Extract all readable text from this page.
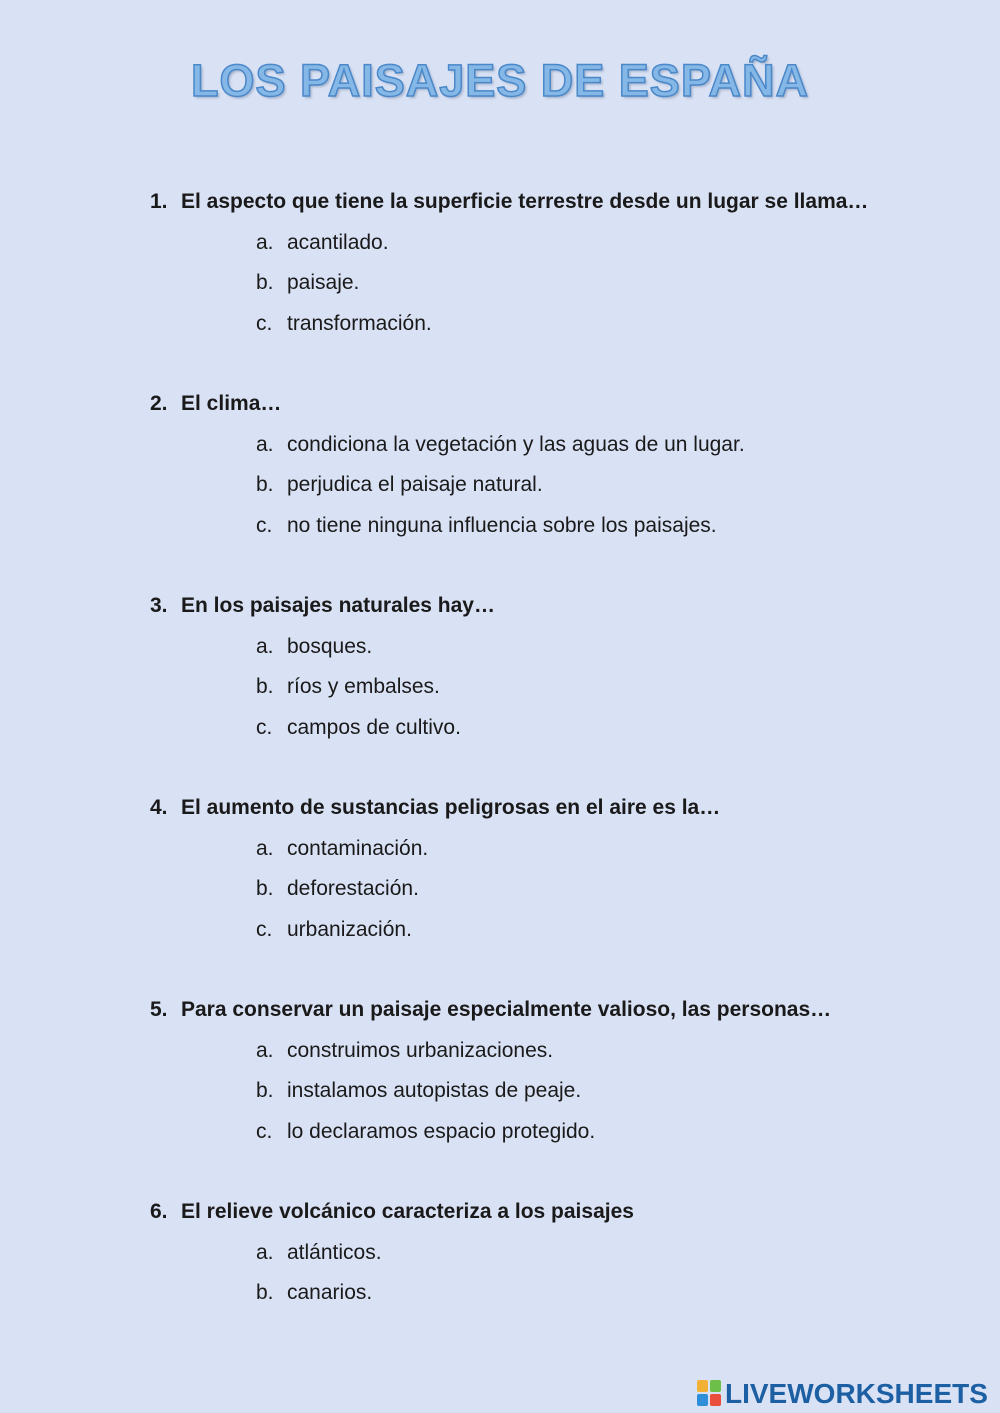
LOS PAISAJES DE ESPAÑA
1. El aspecto que tiene la superficie terrestre desde un lugar se llama…
a. acantilado.
b. paisaje.
c. transformación.
2. El clima…
a. condiciona la vegetación y las aguas de un lugar.
b. perjudica el paisaje natural.
c. no tiene ninguna influencia sobre los paisajes.
3. En los paisajes naturales hay…
a. bosques.
b. ríos y embalses.
c. campos de cultivo.
4. El aumento de sustancias peligrosas en el aire es la…
a. contaminación.
b. deforestación.
c. urbanización.
5. Para conservar un paisaje especialmente valioso, las personas…
a. construimos urbanizaciones.
b. instalamos autopistas de peaje.
c. lo declaramos espacio protegido.
6. El relieve volcánico caracteriza a los paisajes
a. atlánticos.
b. canarios.
LIVEWORKSHEETS
